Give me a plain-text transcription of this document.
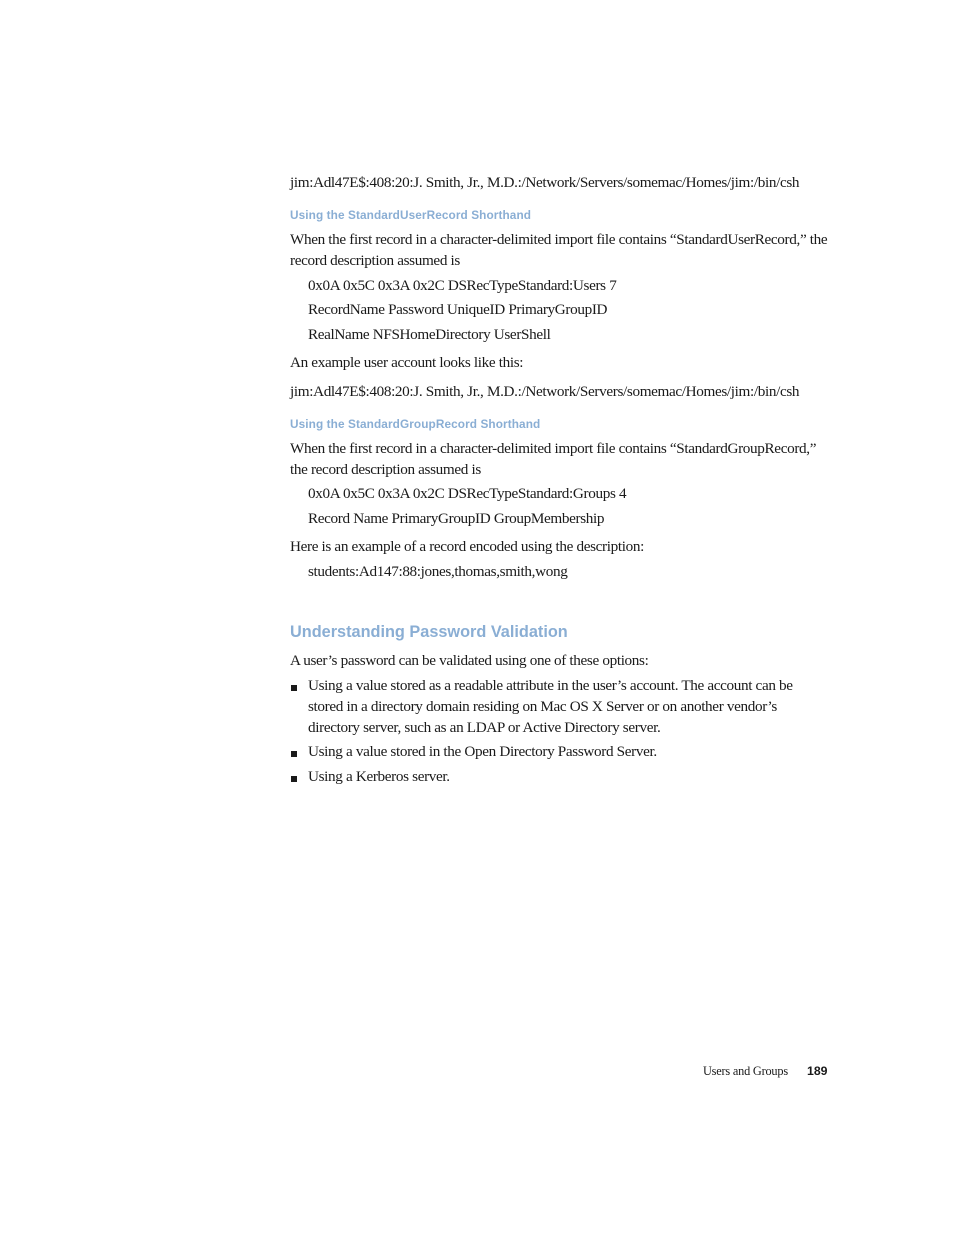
jim:Adl47E$:408:20:J. Smith, Jr., M.D.:/Network/Servers/somemac/Homes/jim:/bin/csh
Using the StandardUserRecord Shorthand
When the first record in a character-delimited import file contains “StandardUserRecord,” the record description assumed is
0x0A 0x5C 0x3A 0x2C DSRecTypeStandard:Users 7
RecordName Password UniqueID PrimaryGroupID
RealName NFSHomeDirectory UserShell
An example user account looks like this:
jim:Adl47E$:408:20:J. Smith, Jr., M.D.:/Network/Servers/somemac/Homes/jim:/bin/csh
Using the StandardGroupRecord Shorthand
When the first record in a character-delimited import file contains “StandardGroupRecord,” the record description assumed is
0x0A 0x5C 0x3A 0x2C DSRecTypeStandard:Groups 4
Record Name PrimaryGroupID GroupMembership
Here is an example of a record encoded using the description:
students:Ad147:88:jones,thomas,smith,wong
Understanding Password Validation
A user’s password can be validated using one of these options:
Using a value stored as a readable attribute in the user’s account. The account can be stored in a directory domain residing on Mac OS X Server or on another vendor’s directory server, such as an LDAP or Active Directory server.
Using a value stored in the Open Directory Password Server.
Using a Kerberos server.
Users and Groups 189
